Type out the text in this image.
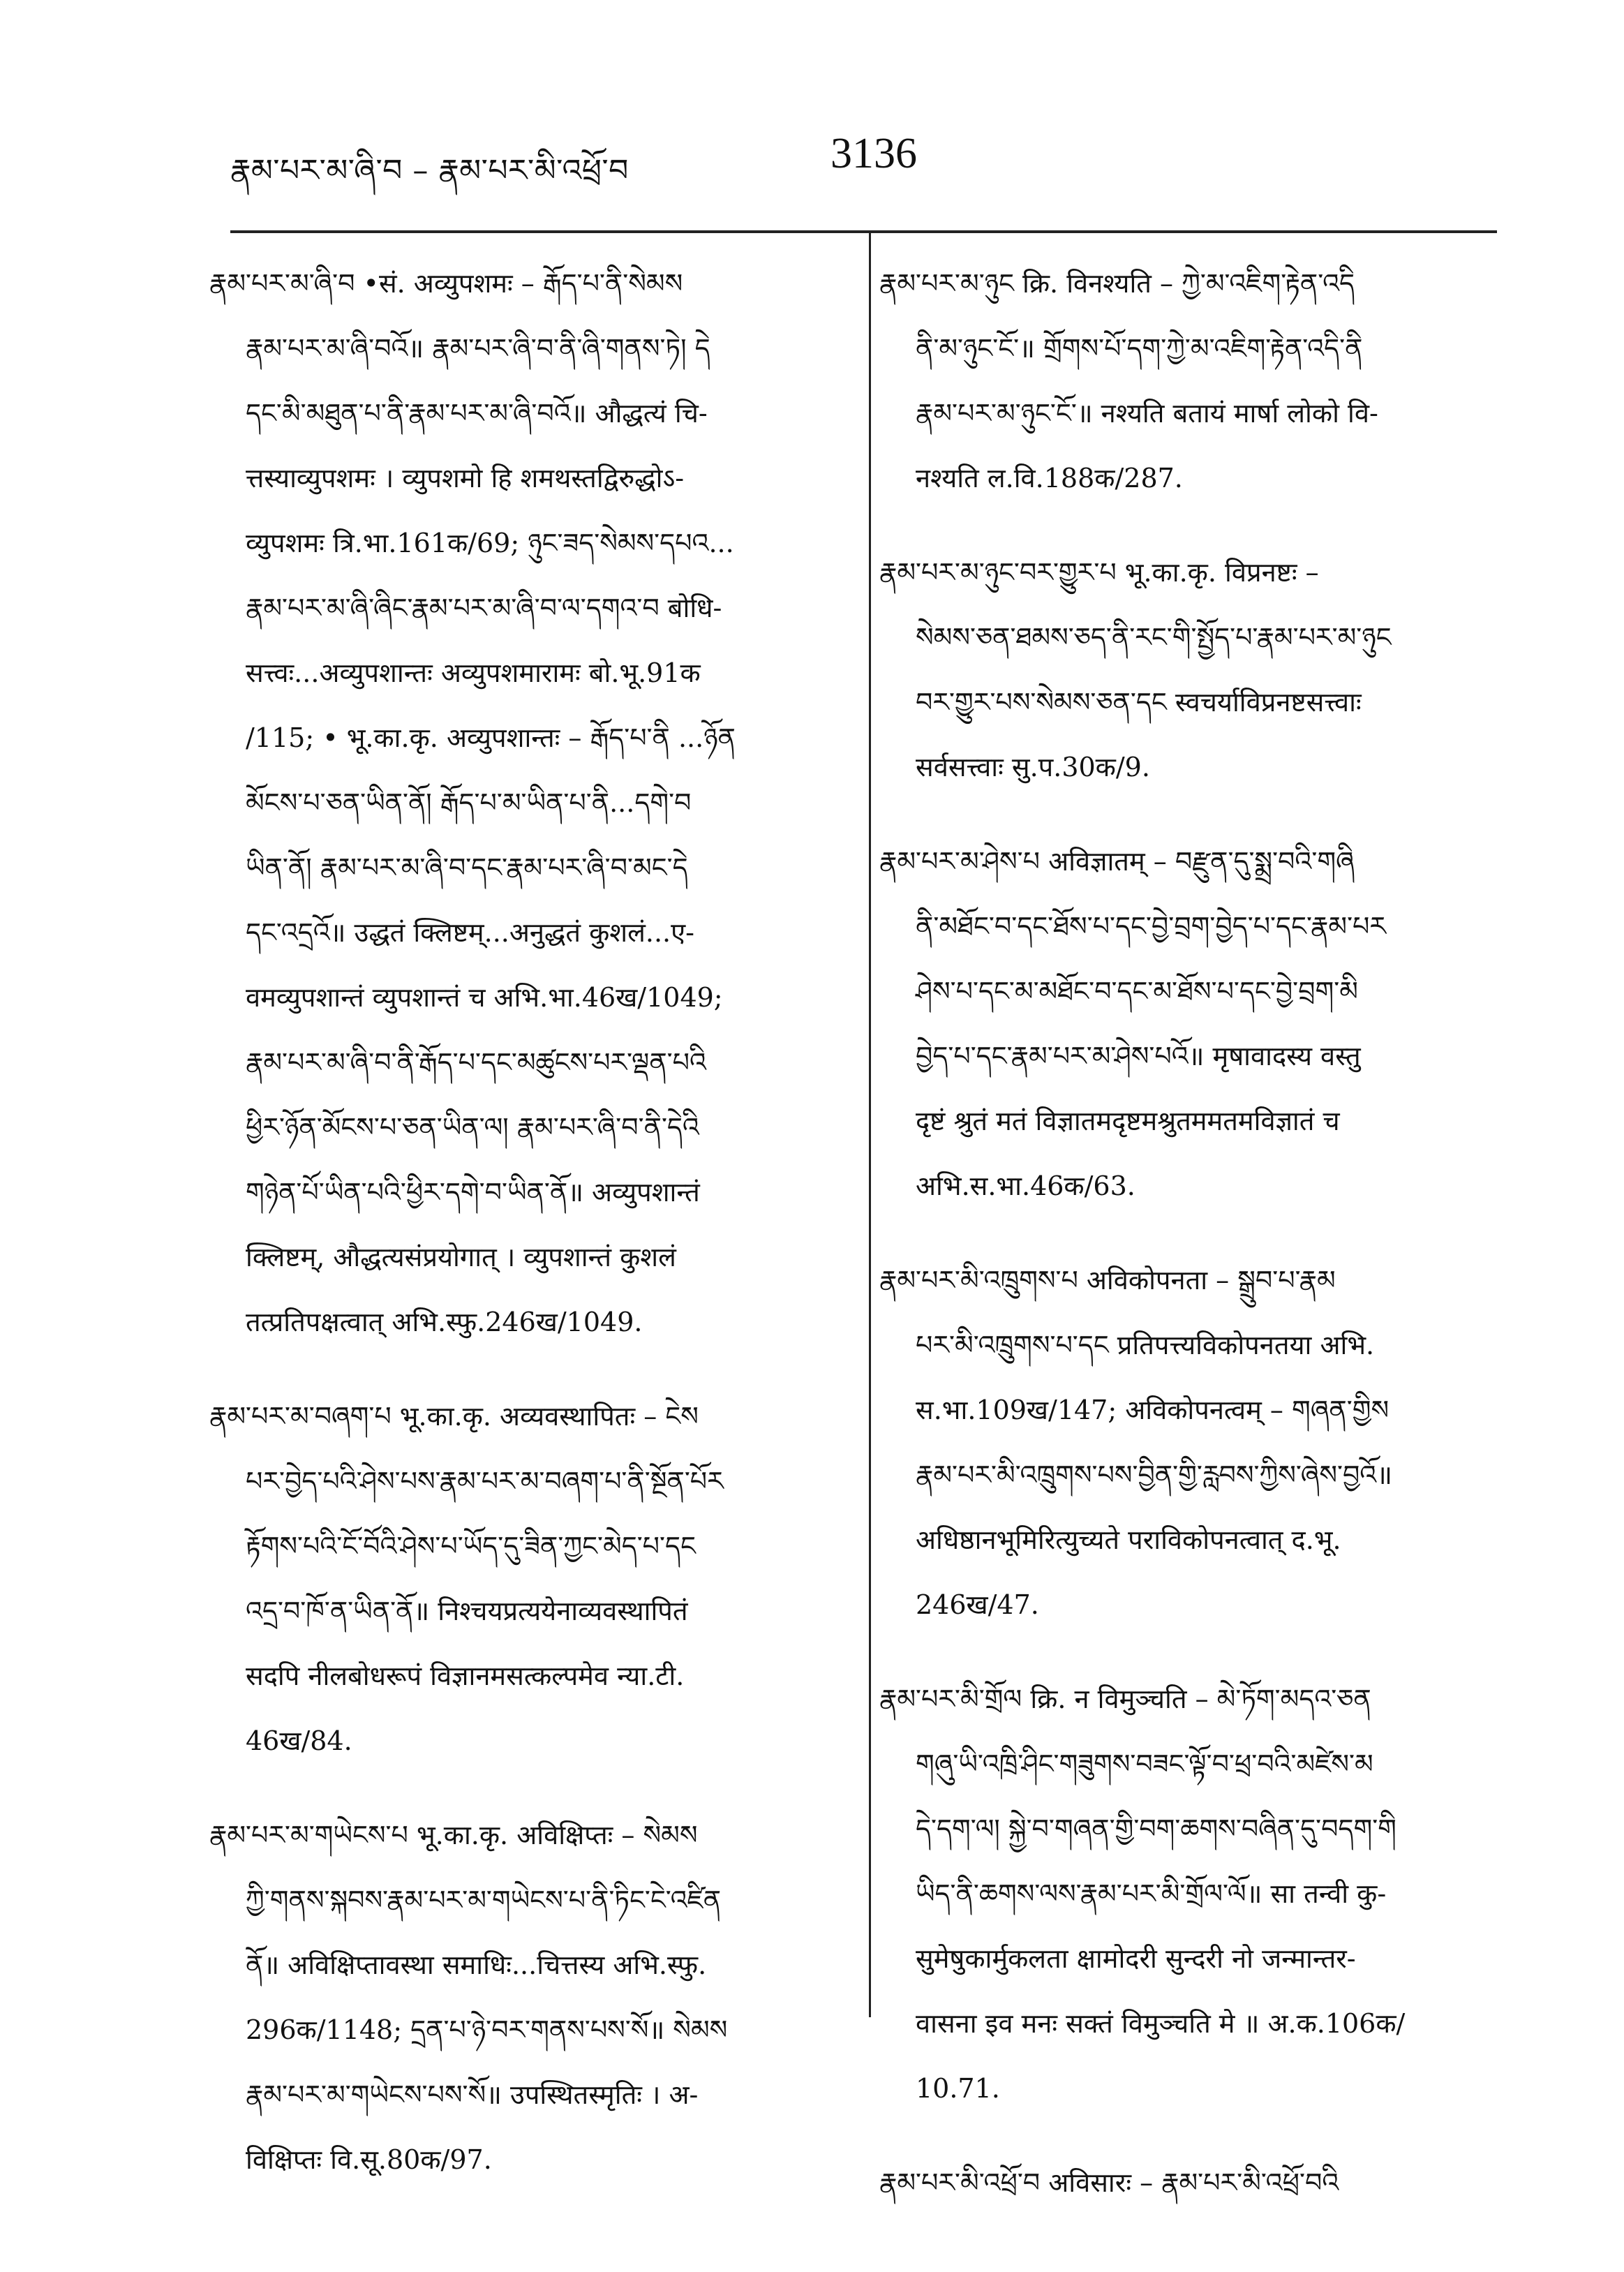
རྣམ་པར་མ་ཞི་བ – རྣམ་པར་མི་འཕྲོ་བ	3136
རྣམ་པར་མ་ཞི་བ •सं. अव्युपशमः – རྒོད་པ་ནི་སེམས
རྣམ་པར་མ་ཞི་བའོ॥ རྣམ་པར་ཞི་བ་ནི་ཞི་གནས་ཏེ། དེ
དང་མི་མཐུན་པ་ནི་རྣམ་པར་མ་ཞི་བའོ॥ औद्धत्यं चि-
त्तस्याव्युपशमः । व्युपशमो हि शमथस्तद्विरुद्धोऽ-
व्युपशमः त्रि.भा.161क/69; ཉུང་ཟད་སེམས་དཔའ...
རྣམ་པར་མ་ཞི་ཞིང་རྣམ་པར་མ་ཞི་བ་ལ་དགའ་བ बोधि-
सत्त्वः...अव्युपशान्तः अव्युपशमारामः बो.भू.91क
/115; • भू.का.कृ. अव्युपशान्तः – རྒོད་པ་ནི ...ཉོན
མོངས་པ་ཅན་ཡིན་ནོ། རྒོད་པ་མ་ཡིན་པ་ནི...དགེ་བ
ཡིན་ནོ། རྣམ་པར་མ་ཞི་བ་དང་རྣམ་པར་ཞི་བ་མང་དེ
དང་འདྲའོ॥ उद्धतं क्लिष्टम्...अनुद्धतं कुशलं...ए-
वमव्युपशान्तं व्युपशान्तं च अभि.भा.46ख/1049;
རྣམ་པར་མ་ཞི་བ་ནི་རྒོད་པ་དང་མཚུངས་པར་ལྡན་པའི
ཕྱིར་ཉོན་མོངས་པ་ཅན་ཡིན་ལ། རྣམ་པར་ཞི་བ་ནི་དེའི
གཉེན་པོ་ཡིན་པའི་ཕྱིར་དགེ་བ་ཡིན་ནོ॥ अव्युपशान्तं
क्लिष्टम्, औद्धत्यसंप्रयोगात् । व्युपशान्तं कुशलं
तत्प्रतिपक्षत्वात् अभि.स्फु.246ख/1049.
རྣམ་པར་མ་བཞག་པ भू.का.कृ. अव्यवस्थापितः – ངེས
པར་བྱེད་པའི་ཤེས་པས་རྣམ་པར་མ་བཞག་པ་ནི་སྔོན་པོར
རྟོགས་པའི་ངོ་བོའི་ཤེས་པ་ཡོད་དུ་ཟིན་ཀྱང་མེད་པ་དང
འདྲ་བ་ཁོ་ན་ཡིན་ནོ॥ निश्चयप्रत्ययेनाव्यवस्थापितं
सदपि नीलबोधरूपं विज्ञानमसत्कल्पमेव न्या.टी.
46ख/84.
རྣམ་པར་མ་གཡེངས་པ भू.का.कृ. अविक्षिप्तः – སེམས
ཀྱི་གནས་སྐབས་རྣམ་པར་མ་གཡེངས་པ་ནི་ཏིང་ངེ་འཛིན
ནོ॥ अविक्षिप्तावस्था समाधिः...चित्तस्य अभि.स्फु.
296क/1148; དྲན་པ་ཉེ་བར་གནས་པས་སོ॥ སེམས
རྣམ་པར་མ་གཡེངས་པས་སོ॥ उपस्थितस्मृतिः । अ-
विक्षिप्तः वि.सू.80क/97.
རྣམ་པར་མ་ཉུང क्रि. विनश्यति – ཀྱེ་མ་འཇིག་རྟེན་འདི
ནི་མ་ཉུང་ངོ་॥ གྲོགས་པོ་དག་ཀྱེ་མ་འཇིག་རྟེན་འདི་ནི
རྣམ་པར་མ་ཉུང་ངོ་॥ नश्यति बतायं मार्षा लोको वि-
नश्यति ल.वि.188क/287.
རྣམ་པར་མ་ཉུང་བར་གྱུར་པ भू.का.कृ. विप्रनष्टः –
སེམས་ཅན་ཐམས་ཅད་ནི་རང་གི་སྤྱོད་པ་རྣམ་པར་མ་ཉུང
བར་གྱུར་པས་སེམས་ཅན་དང स्वचर्याविप्रनष्टसत्त्वाः
सर्वसत्त्वाः सु.प.30क/9.
རྣམ་པར་མ་ཤེས་པ अविज्ञातम् – བརྫུན་དུ་སྨྲ་བའི་གཞི
ནི་མཐོང་བ་དང་ཐོས་པ་དང་བྱེ་བྲག་བྱེད་པ་དང་རྣམ་པར
ཤེས་པ་དང་མ་མཐོང་བ་དང་མ་ཐོས་པ་དང་བྱེ་བྲག་མི
བྱེད་པ་དང་རྣམ་པར་མ་ཤེས་པའོ॥ मृषावादस्य वस्तु
दृष्टं श्रुतं मतं विज्ञातमदृष्टमश्रुतममतमविज्ञातं च
अभि.स.भा.46क/63.
རྣམ་པར་མི་འཁྲུགས་པ अविकोपनता – སྒྲུབ་པ་རྣམ
པར་མི་འཁྲུགས་པ་དང प्रतिपत्त्यविकोपनतया अभि.
स.भा.109ख/147; अविकोपनत्वम् – གཞན་གྱིས
རྣམ་པར་མི་འཁྲུགས་པས་བྱིན་གྱི་རླབས་ཀྱིས་ཞེས་བྱའོ॥
अधिष्ठानभूमिरित्युच्यते पराविकोपनत्वात् द.भू.
246ख/47.
རྣམ་པར་མི་གྲོལ क्रि. न विमुञ्चति – མེ་ཏོག་མདའ་ཅན
གཞུ་ཡི་འཁྲི་ཤིང་གཟུགས་བཟང་ལྟོ་བ་ཕྲ་བའི་མཛེས་མ
དེ་དག་ལ། སྐྱེ་བ་གཞན་གྱི་བག་ཆགས་བཞིན་དུ་བདག་གི
ཡིད་ནི་ཆགས་ལས་རྣམ་པར་མི་གྲོལ་ལོ॥ सा तन्वी कु-
सुमेषुकार्मुकलता क्षामोदरी सुन्दरी नो जन्मान्तर-
वासना इव मनः सक्तं विमुञ्चति मे ॥ अ.क.106क/
10.71.
རྣམ་པར་མི་འཕྲོ་བ अविसारः – རྣམ་པར་མི་འཕྲོ་བའི
